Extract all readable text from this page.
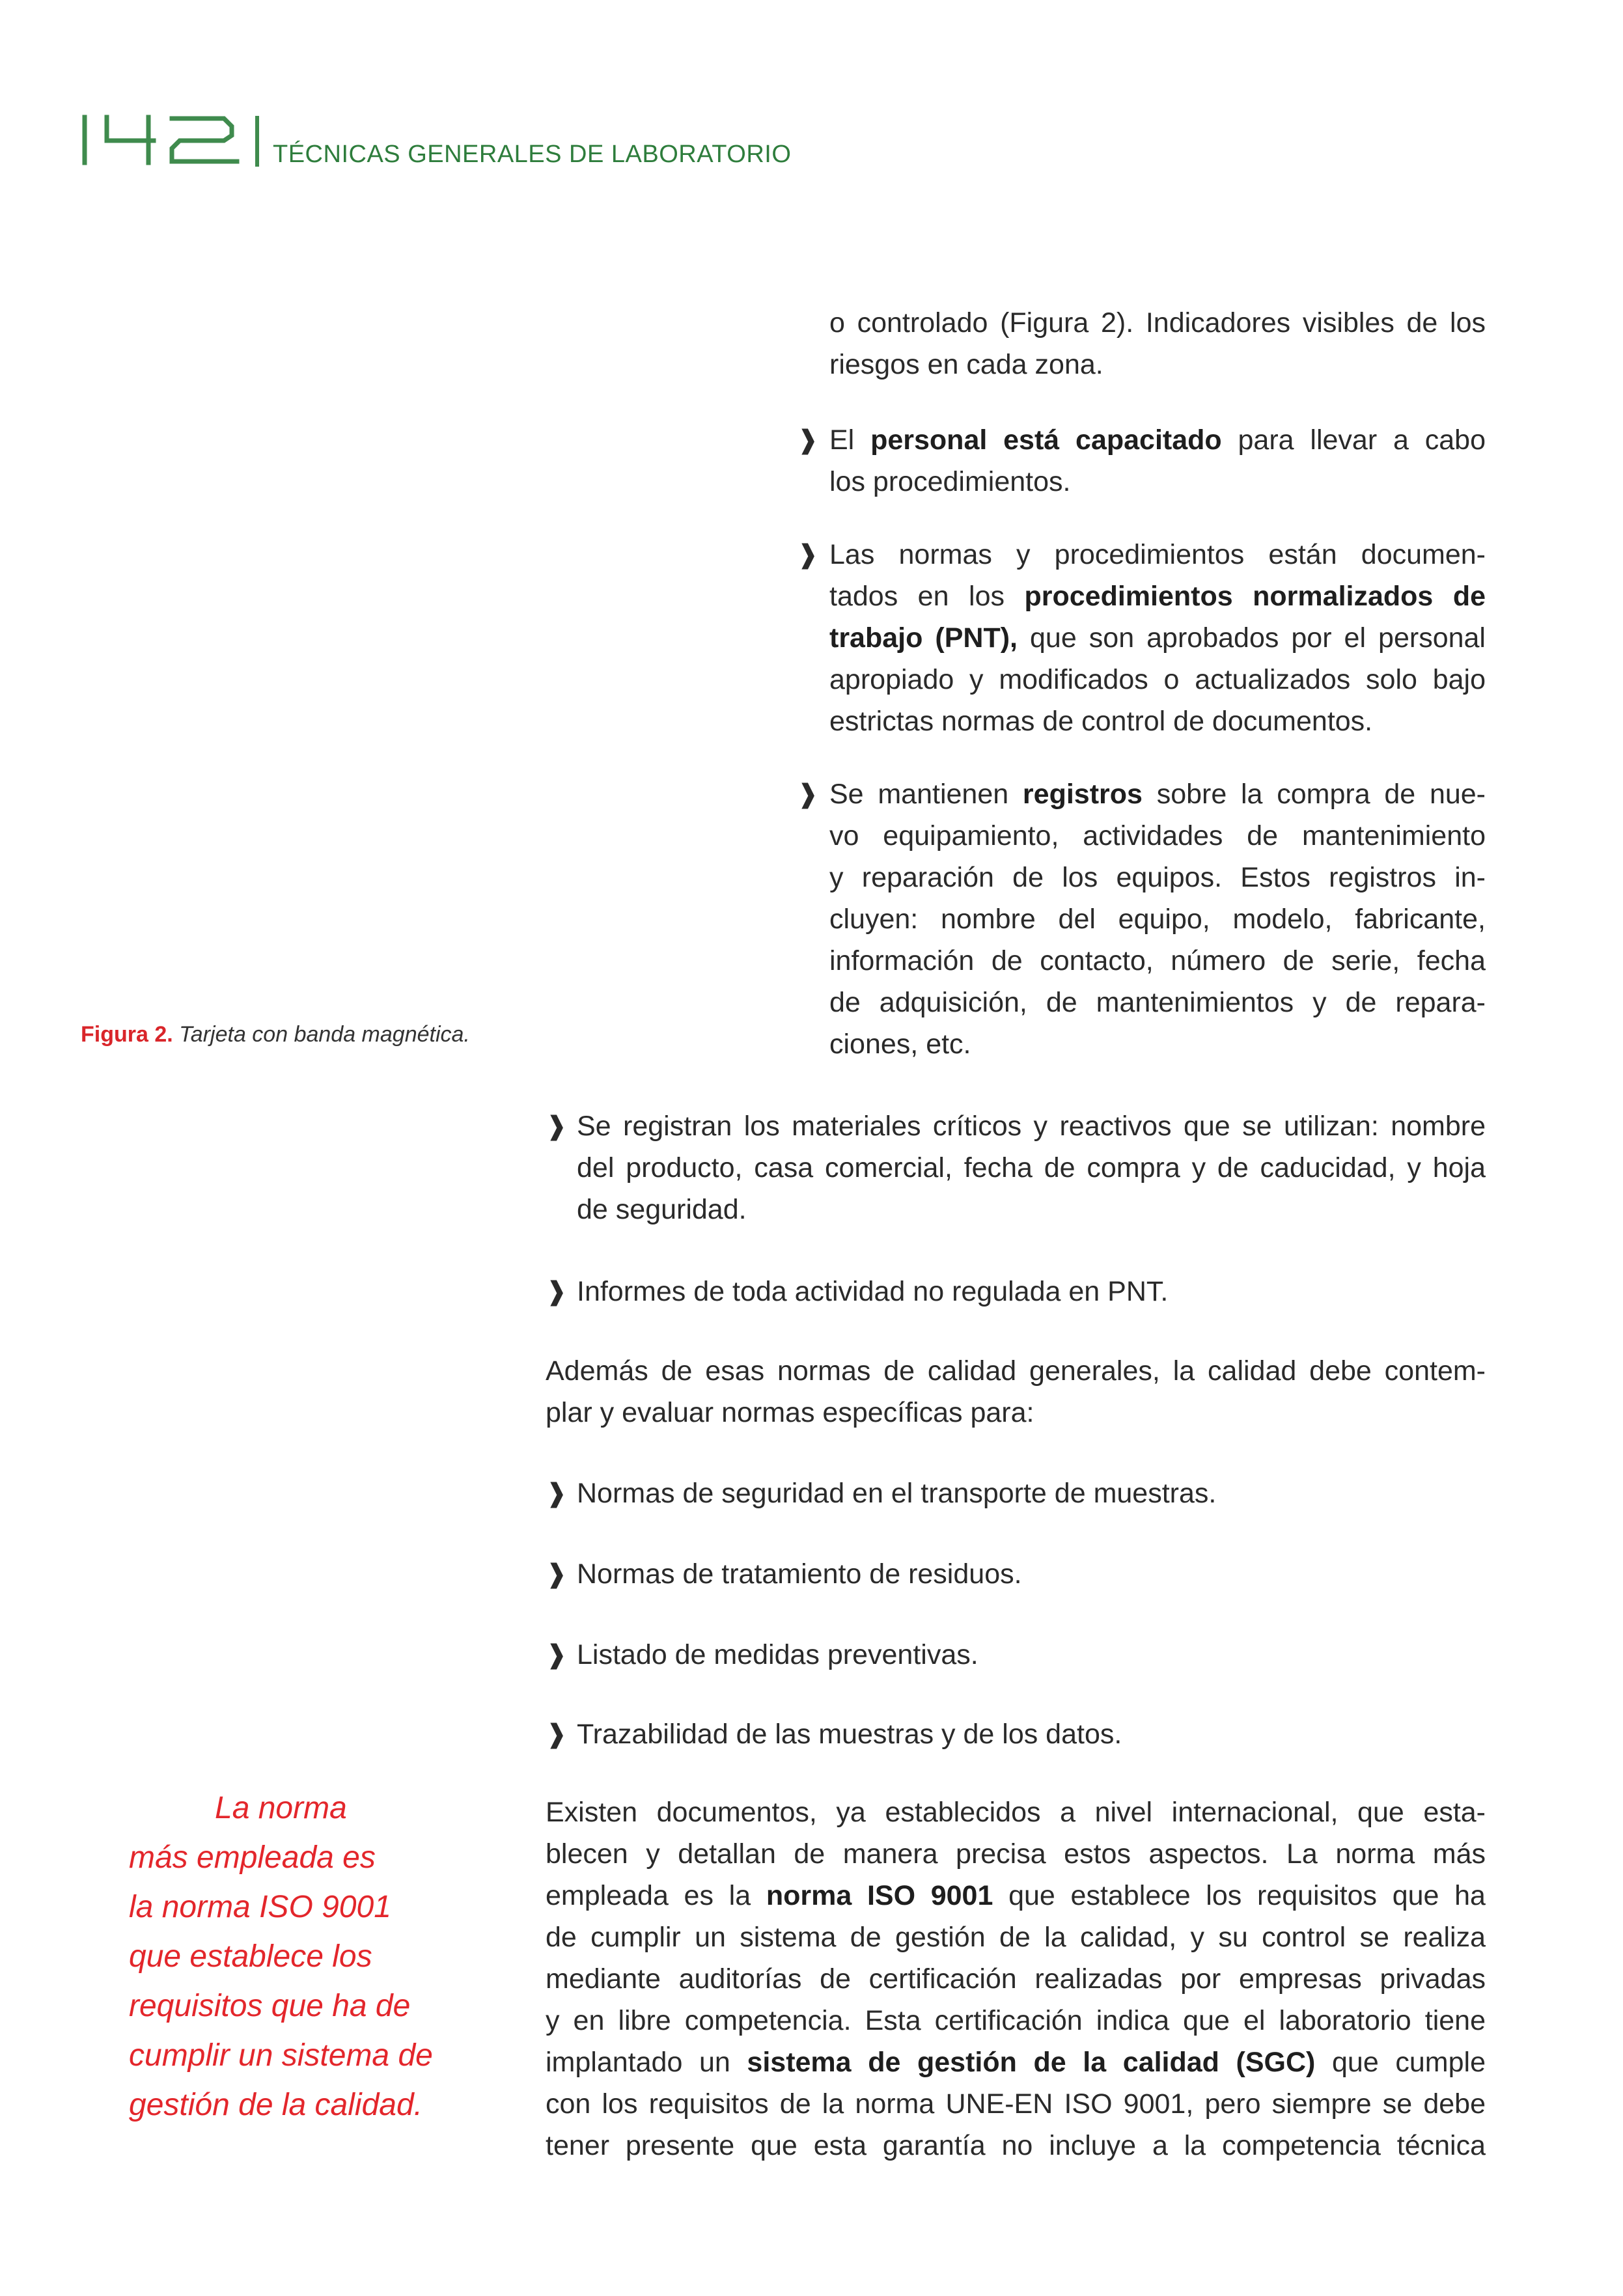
TÉCNICAS GENERALES DE LABORATORIO
o controlado (Figura 2). Indicadores visibles de los
riesgos en cada zona.
❱ El personal está capacitado para llevar a cabo
los procedimientos.
❱ Las normas y procedimientos están documen-
tados en los procedimientos normalizados de
trabajo (PNT), que son aprobados por el personal
apropiado y modificados o actualizados solo bajo
estrictas normas de control de documentos.
❱ Se mantienen registros sobre la compra de nue-
vo equipamiento, actividades de mantenimiento
y reparación de los equipos. Estos registros in-
cluyen: nombre del equipo, modelo, fabricante,
información de contacto, número de serie, fecha
de adquisición, de mantenimientos y de repara-
ciones, etc.
Figura 2. Tarjeta con banda magnética.
❱ Se registran los materiales críticos y reactivos que se utilizan: nombre
del producto, casa comercial, fecha de compra y de caducidad, y hoja
de seguridad.
❱ Informes de toda actividad no regulada en PNT.
Además de esas normas de calidad generales, la calidad debe contem-
plar y evaluar normas específicas para:
❱ Normas de seguridad en el transporte de muestras.
❱ Normas de tratamiento de residuos.
❱ Listado de medidas preventivas.
❱ Trazabilidad de las muestras y de los datos.
Existen documentos, ya establecidos a nivel internacional, que esta-
blecen y detallan de manera precisa estos aspectos. La norma más
empleada es la norma ISO 9001 que establece los requisitos que ha
de cumplir un sistema de gestión de la calidad, y su control se realiza
mediante auditorías de certificación realizadas por empresas privadas
y en libre competencia. Esta certificación indica que el laboratorio tiene
implantado un sistema de gestión de la calidad (SGC) que cumple
con los requisitos de la norma UNE-EN ISO 9001, pero siempre se debe
tener presente que esta garantía no incluye a la competencia técnica
La norma
más empleada es
la norma ISO 9001
que establece los
requisitos que ha de
cumplir un sistema de
gestión de la calidad.
